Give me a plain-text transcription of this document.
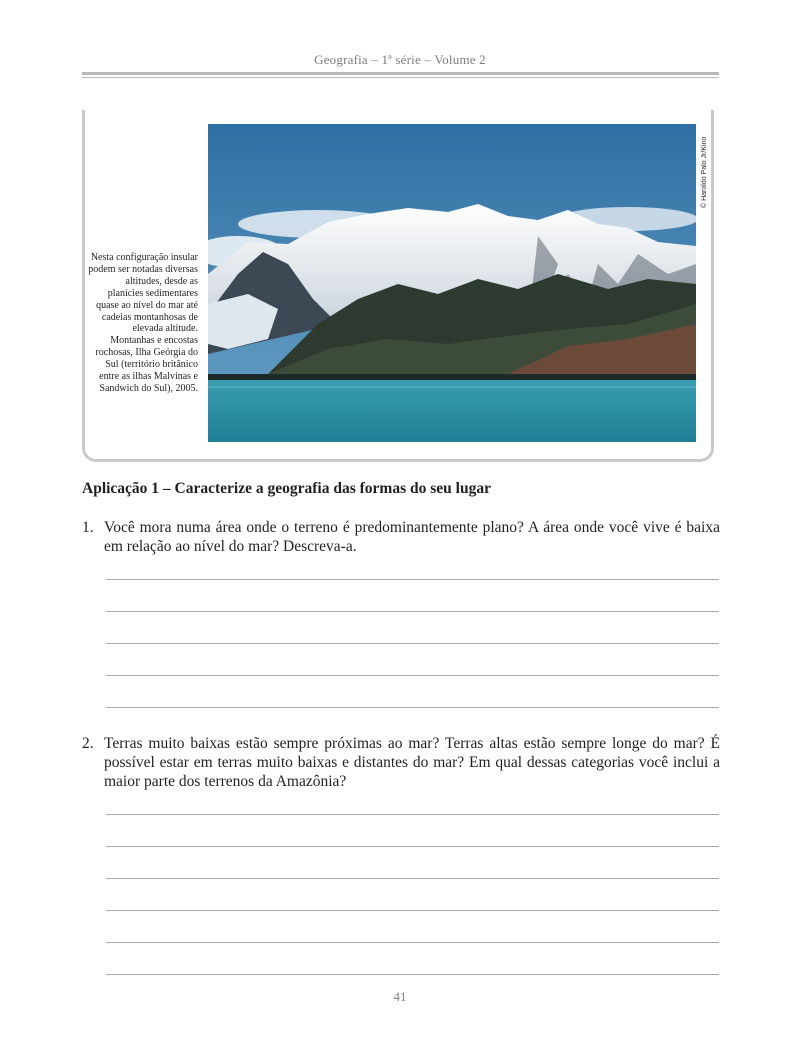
Geografia – 1ª série – Volume 2
Nesta configuração insular podem ser notadas diversas altitudes, desde as planícies sedimentares quase ao nível do mar até cadeias montanhosas de elevada altitude. Montanhas e encostas rochosas, Ilha Geórgia do Sul (território britânico entre as ilhas Malvinas e Sandwich do Sul), 2005.
© Haroldo Palo Jr/Kino
Aplicação 1 – Caracterize a geografia das formas do seu lugar
1. Você mora numa área onde o terreno é predominantemente plano? A área onde você vive é baixa em relação ao nível do mar? Descreva-a.
2. Terras muito baixas estão sempre próximas ao mar? Terras altas estão sempre longe do mar? É possível estar em terras muito baixas e distantes do mar? Em qual dessas categorias você inclui a maior parte dos terrenos da Amazônia?
41
